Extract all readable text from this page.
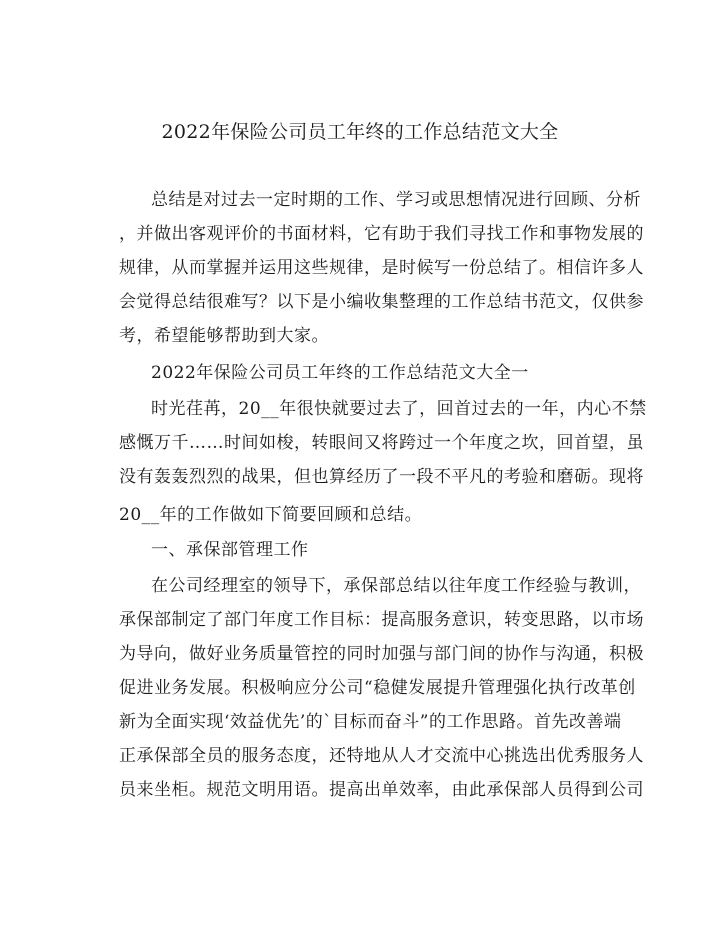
2022年保险公司员工年终的工作总结范文大全

总结是对过去一定时期的工作、学习或思想情况进行回顾、分析

，并做出客观评价的书面材料，它有助于我们寻找工作和事物发展的

规律，从而掌握并运用这些规律，是时候写一份总结了。相信许多人

会觉得总结很难写？以下是小编收集整理的工作总结书范文，仅供参

考，希望能够帮助到大家。

2022年保险公司员工年终的工作总结范文大全一

时光荏苒，20__年很快就要过去了，回首过去的一年，内心不禁

感慨万千……时间如梭，转眼间又将跨过一个年度之坎，回首望，虽

没有轰轰烈烈的战果，但也算经历了一段不平凡的考验和磨砺。现将

20__年的工作做如下简要回顾和总结。

一、承保部管理工作

在公司经理室的领导下，承保部总结以往年度工作经验与教训，

承保部制定了部门年度工作目标：提高服务意识，转变思路，以市场

为导向，做好业务质量管控的同时加强与部门间的协作与沟通，积极

促进业务发展。积极响应分公司“稳健发展提升管理强化执行改革创

新为全面实现‘效益优先’的`目标而奋斗”的工作思路。首先改善端

正承保部全员的服务态度，还特地从人才交流中心挑选出优秀服务人

员来坐柜。规范文明用语。提高出单效率，由此承保部人员得到公司
